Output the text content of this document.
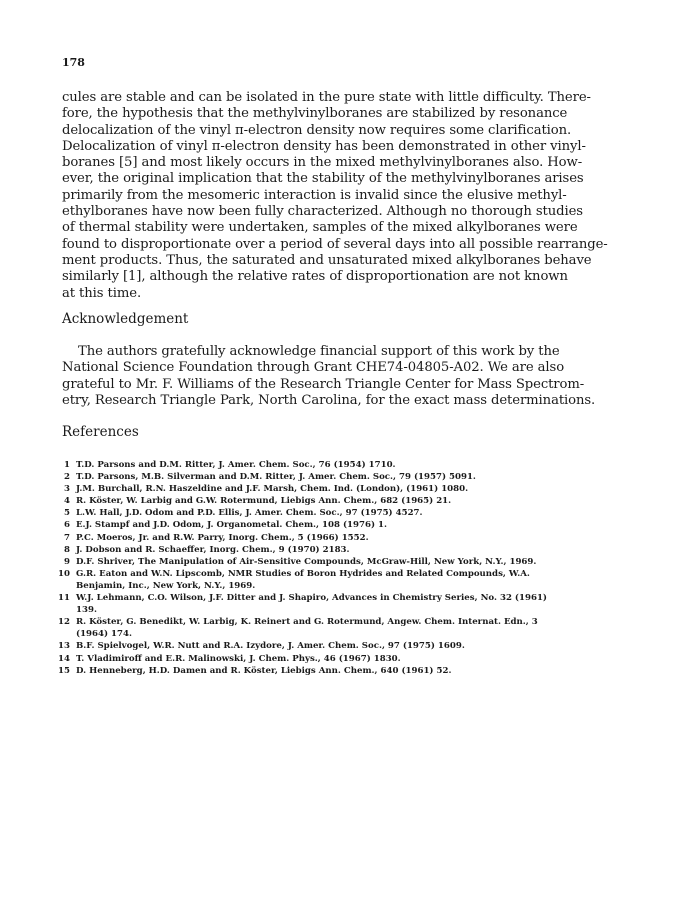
178
cules are stable and can be isolated in the pure state with little difficulty. There-
fore, the hypothesis that the methylvinylboranes are stabilized by resonance
delocalization of the vinyl π-electron density now requires some clarification.
Delocalization of vinyl π-electron density has been demonstrated in other vinyl-
boranes [5] and most likely occurs in the mixed methylvinylboranes also. How-
ever, the original implication that the stability of the methylvinylboranes arises
primarily from the mesomeric interaction is invalid since the elusive methyl-
ethylboranes have now been fully characterized. Although no thorough studies
of thermal stability were undertaken, samples of the mixed alkylboranes were
found to disproportionate over a period of several days into all possible rearrange-
ment products. Thus, the saturated and unsaturated mixed alkylboranes behave
similarly [1], although the relative rates of disproportionation are not known
at this time.
Acknowledgement
The authors gratefully acknowledge financial support of this work by the
National Science Foundation through Grant CHE74-04805-A02. We are also
grateful to Mr. F. Williams of the Research Triangle Center for Mass Spectrom-
etry, Research Triangle Park, North Carolina, for the exact mass determinations.
References
1 T.D. Parsons and D.M. Ritter, J. Amer. Chem. Soc., 76 (1954) 1710.
2 T.D. Parsons, M.B. Silverman and D.M. Ritter, J. Amer. Chem. Soc., 79 (1957) 5091.
3 J.M. Burchall, R.N. Haszeldine and J.F. Marsh, Chem. Ind. (London), (1961) 1080.
4 R. Köster, W. Larbig and G.W. Rotermund, Liebigs Ann. Chem., 682 (1965) 21.
5 L.W. Hall, J.D. Odom and P.D. Ellis, J. Amer. Chem. Soc., 97 (1975) 4527.
6 E.J. Stampf and J.D. Odom, J. Organometal. Chem., 108 (1976) 1.
7 P.C. Moeros, Jr. and R.W. Parry, Inorg. Chem., 5 (1966) 1552.
8 J. Dobson and R. Schaeffer, Inorg. Chem., 9 (1970) 2183.
9 D.F. Shriver, The Manipulation of Air-Sensitive Compounds, McGraw-Hill, New York, N.Y., 1969.
10 G.R. Eaton and W.N. Lipscomb, NMR Studies of Boron Hydrides and Related Compounds, W.A.
Benjamin, Inc., New York, N.Y., 1969.
11 W.J. Lehmann, C.O. Wilson, J.F. Ditter and J. Shapiro, Advances in Chemistry Series, No. 32 (1961)
139.
12 R. Köster, G. Benedikt, W. Larbig, K. Reinert and G. Rotermund, Angew. Chem. Internat. Edn., 3
(1964) 174.
13 B.F. Spielvogel, W.R. Nutt and R.A. Izydore, J. Amer. Chem. Soc., 97 (1975) 1609.
14 T. Vladimiroff and E.R. Malinowski, J. Chem. Phys., 46 (1967) 1830.
15 D. Henneberg, H.D. Damen and R. Köster, Liebigs Ann. Chem., 640 (1961) 52.
